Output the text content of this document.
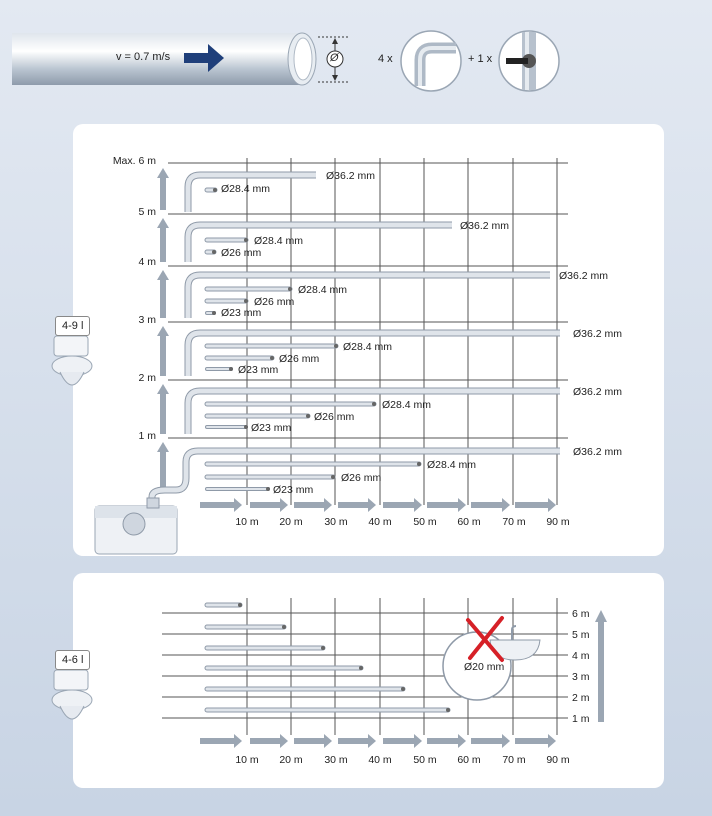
v = 0.7 m/s	Ø	4 x	+ 1 x
Max. 6 m
5 m
4 m
3 m
2 m
1 m
10 m	20 m	30 m	40 m	50 m	60 m	70 m	90 m
Ø36.2 mm
Ø28.4 mm
Ø36.2 mm
Ø28.4 mm
Ø26 mm
Ø36.2 mm
Ø28.4 mm
Ø26 mm
Ø23 mm
Ø36.2 mm
Ø28.4 mm
Ø26 mm
Ø23 mm
Ø36.2 mm
Ø28.4 mm
Ø26 mm
Ø23 mm
Ø36.2 mm
Ø28.4 mm
Ø26 mm
Ø23 mm
4-9 l
6 m
5 m
4 m
3 m
2 m
1 m
10 m	20 m	30 m	40 m	50 m	60 m	70 m	90 m
Ø20 mm
4-6 l
